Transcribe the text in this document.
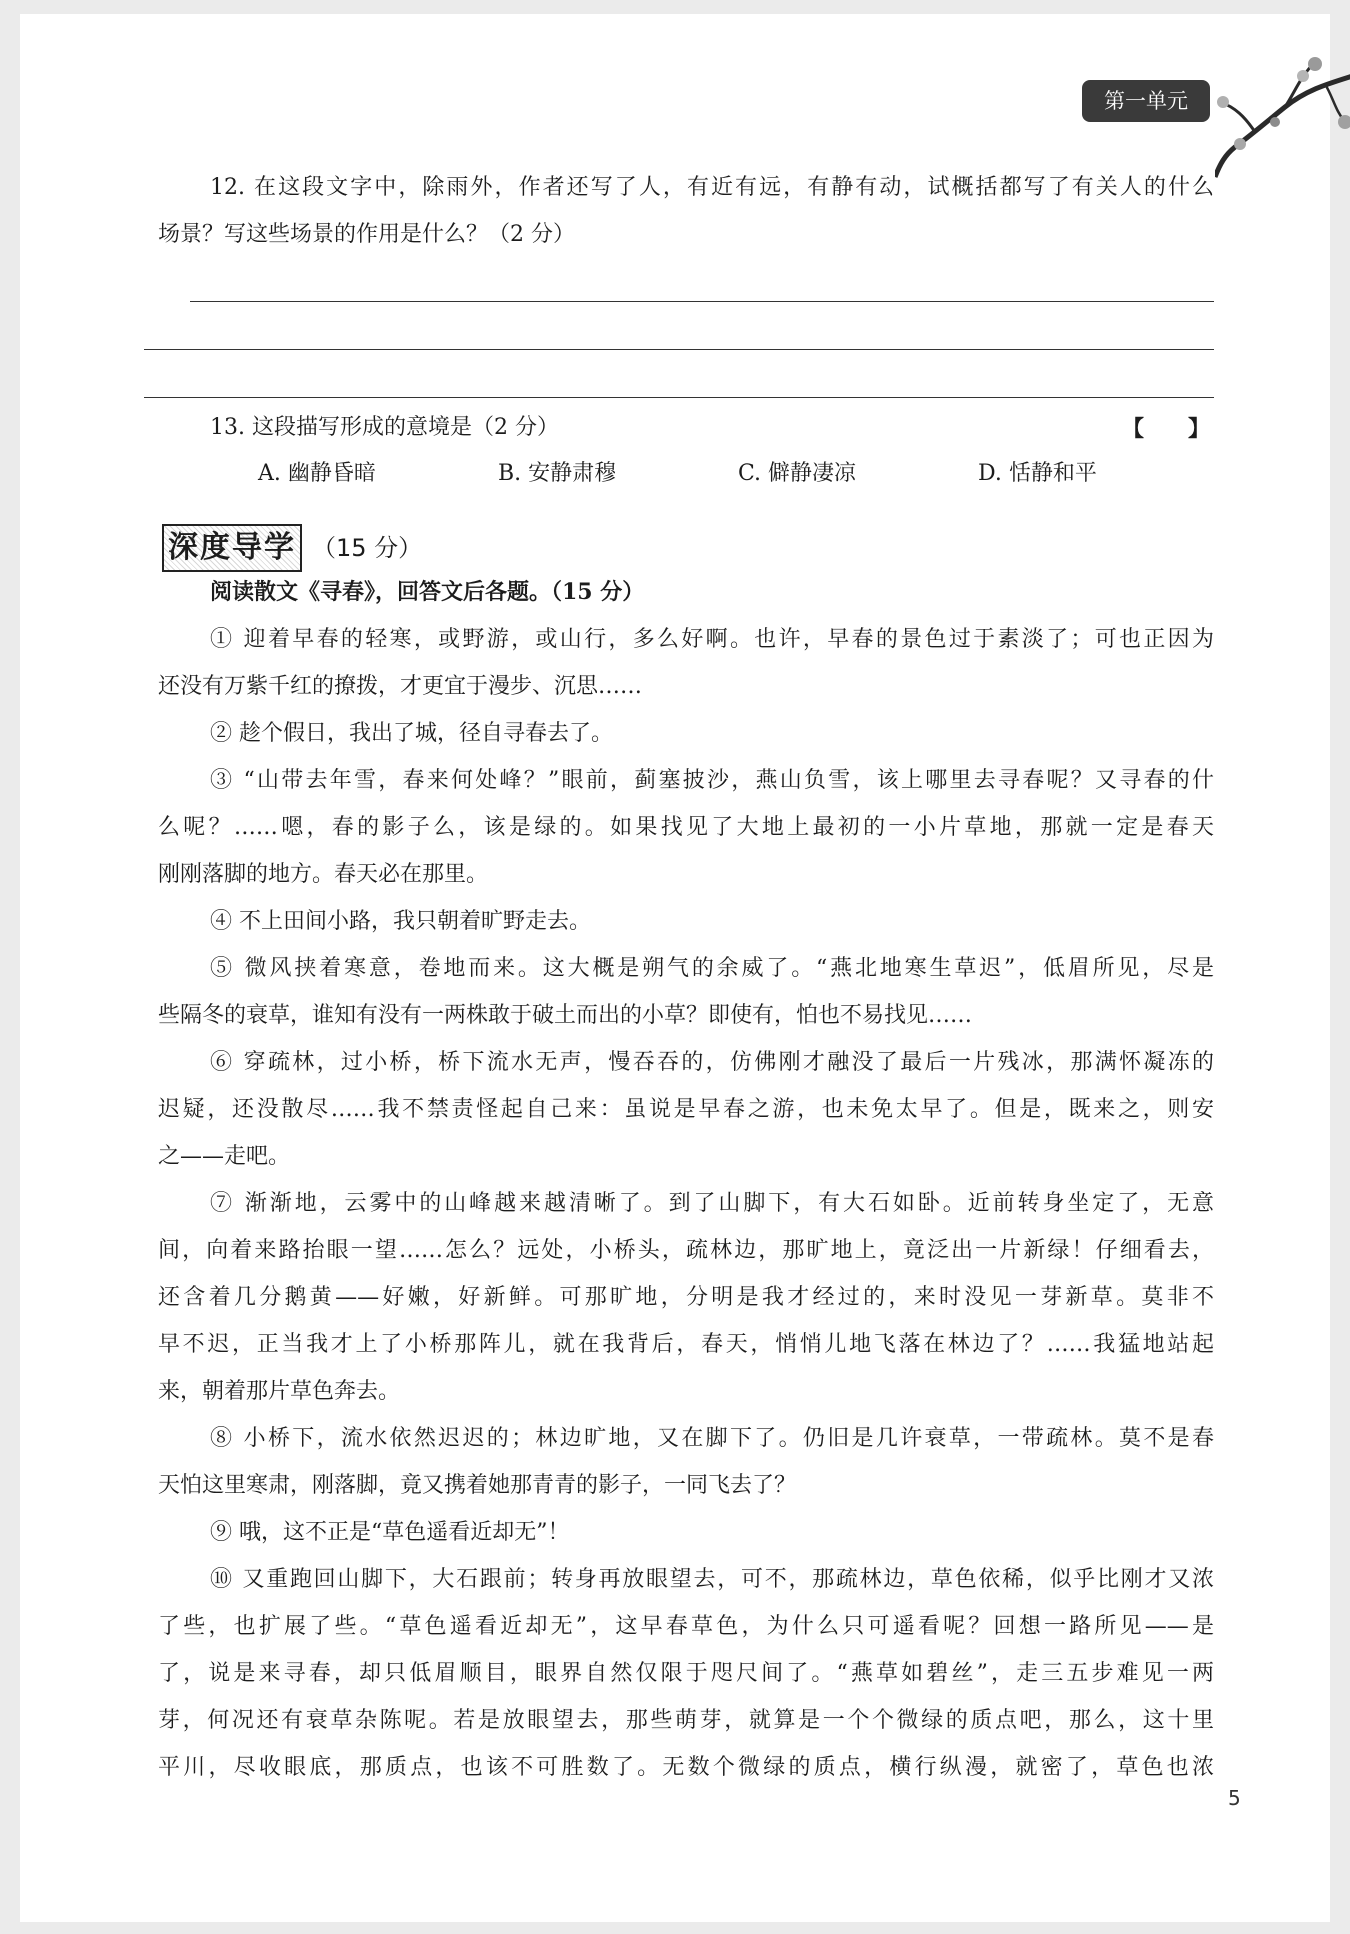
第一单元
12. 在这段文字中，除雨外，作者还写了人，有近有远，有静有动，试概括都写了有关人的什么
场景？写这些场景的作用是什么？（2 分）
13. 这段描写形成的意境是（2 分）	【　　】
A. 幽静昏暗	B. 安静肃穆	C. 僻静凄凉	D. 恬静和平
深度导学 （15 分）
阅读散文《寻春》，回答文后各题。（15 分）
① 迎着早春的轻寒，或野游，或山行，多么好啊。也许，早春的景色过于素淡了；可也正因为
还没有万紫千红的撩拨，才更宜于漫步、沉思……
② 趁个假日，我出了城，径自寻春去了。
③ “山带去年雪，春来何处峰？”眼前，蓟塞披沙，燕山负雪，该上哪里去寻春呢？又寻春的什
么呢？……嗯，春的影子么，该是绿的。如果找见了大地上最初的一小片草地，那就一定是春天
刚刚落脚的地方。春天必在那里。
④ 不上田间小路，我只朝着旷野走去。
⑤ 微风挟着寒意，卷地而来。这大概是朔气的余威了。“燕北地寒生草迟”，低眉所见，尽是
些隔冬的衰草，谁知有没有一两株敢于破土而出的小草？即使有，怕也不易找见……
⑥ 穿疏林，过小桥，桥下流水无声，慢吞吞的，仿佛刚才融没了最后一片残冰，那满怀凝冻的
迟疑，还没散尽……我不禁责怪起自己来：虽说是早春之游，也未免太早了。但是，既来之，则安
之——走吧。
⑦ 渐渐地，云雾中的山峰越来越清晰了。到了山脚下，有大石如卧。近前转身坐定了，无意
间，向着来路抬眼一望……怎么？远处，小桥头，疏林边，那旷地上，竟泛出一片新绿！仔细看去，
还含着几分鹅黄——好嫩，好新鲜。可那旷地，分明是我才经过的，来时没见一芽新草。莫非不
早不迟，正当我才上了小桥那阵儿，就在我背后，春天，悄悄儿地飞落在林边了？……我猛地站起
来，朝着那片草色奔去。
⑧ 小桥下，流水依然迟迟的；林边旷地，又在脚下了。仍旧是几许衰草，一带疏林。莫不是春
天怕这里寒肃，刚落脚，竟又携着她那青青的影子，一同飞去了？
⑨ 哦，这不正是“草色遥看近却无”！
⑩ 又重跑回山脚下，大石跟前；转身再放眼望去，可不，那疏林边，草色依稀，似乎比刚才又浓
了些，也扩展了些。“草色遥看近却无”，这早春草色，为什么只可遥看呢？回想一路所见——是
了，说是来寻春，却只低眉顺目，眼界自然仅限于咫尺间了。“燕草如碧丝”，走三五步难见一两
芽，何况还有衰草杂陈呢。若是放眼望去，那些萌芽，就算是一个个微绿的质点吧，那么，这十里
平川，尽收眼底，那质点，也该不可胜数了。无数个微绿的质点，横行纵漫，就密了，草色也浓
5
